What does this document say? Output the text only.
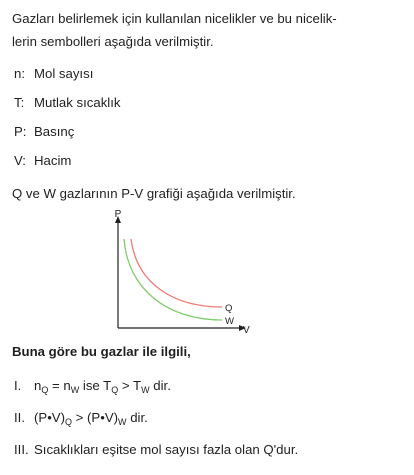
Gazları belirlemek için kullanılan nicelikler ve bu nicelik-
lerin sembolleri aşağıda verilmiştir.
n: Mol sayısı
T: Mutlak sıcaklık
P: Basınç
V: Hacim
Q ve W gazlarının P-V grafiği aşağıda verilmiştir.
P
V
Q
W
Buna göre bu gazlar ile ilgili,
I. $n_Q = n_W$ ise $T_Q > T_W$ dir.
II. $(P•V)_Q$ > $(P•V)_W$ dir.
III. Sıcaklıkları eşitse mol sayısı fazla olan Q'dur.
